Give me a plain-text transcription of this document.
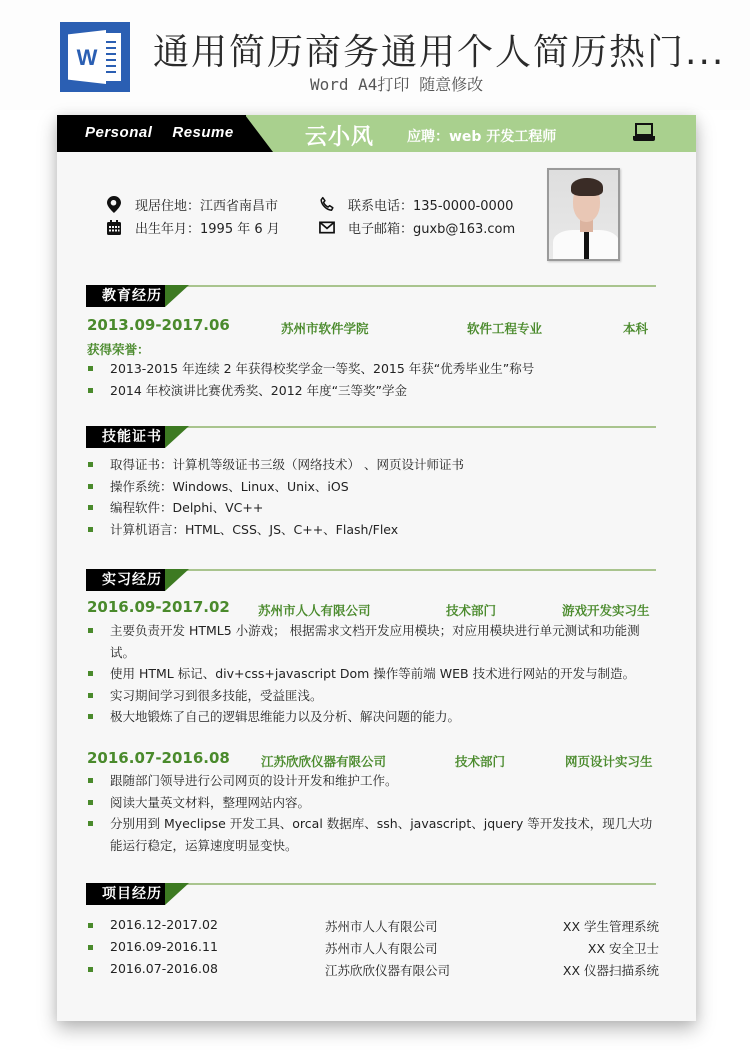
W 通用简历商务通用个人简历热门...
Word A4打印 随意修改
Personal Resume	云小风 应聘：web 开发工程师
现居住地：江西省南昌市
出生年月：1995 年 6 月
联系电话：135-0000-0000
电子邮箱：guxb@163.com
教育经历
2013.09-2017.06	苏州市软件学院	软件工程专业	本科
获得荣誉：
2013-2015 年连续 2 年获得校奖学金一等奖、2015 年获“优秀毕业生”称号
2014 年校演讲比赛优秀奖、2012 年度“三等奖”学金
技能证书
取得证书：计算机等级证书三级（网络技术） 、网页设计师证书
操作系统：Windows、Linux、Unix、iOS
编程软件：Delphi、VC++
计算机语言：HTML、CSS、JS、C++、Flash/Flex
实习经历
2016.09-2017.02 苏州市人人有限公司	技术部门	游戏开发实习生
主要负责开发 HTML5 小游戏； 根据需求文档开发应用模块；对应用模块进行单元测试和功能测试。
使用 HTML 标记、div+css+javascript Dom 操作等前端 WEB 技术进行网站的开发与制造。
实习期间学习到很多技能，受益匪浅。
极大地锻炼了自己的逻辑思维能力以及分析、解决问题的能力。
2016.07-2016.08 江苏欣欣仪器有限公司	技术部门	网页设计实习生
跟随部门领导进行公司网页的设计开发和维护工作。
阅读大量英文材料，整理网站内容。
分别用到 Myeclipse 开发工具、orcal 数据库、ssh、javascript、jquery 等开发技术，现几大功能运行稳定，运算速度明显变快。
项目经历
2016.12-2017.02	苏州市人人有限公司	XX 学生管理系统
2016.09-2016.11	苏州市人人有限公司	XX 安全卫士
2016.07-2016.08	江苏欣欣仪器有限公司	XX 仪器扫描系统
